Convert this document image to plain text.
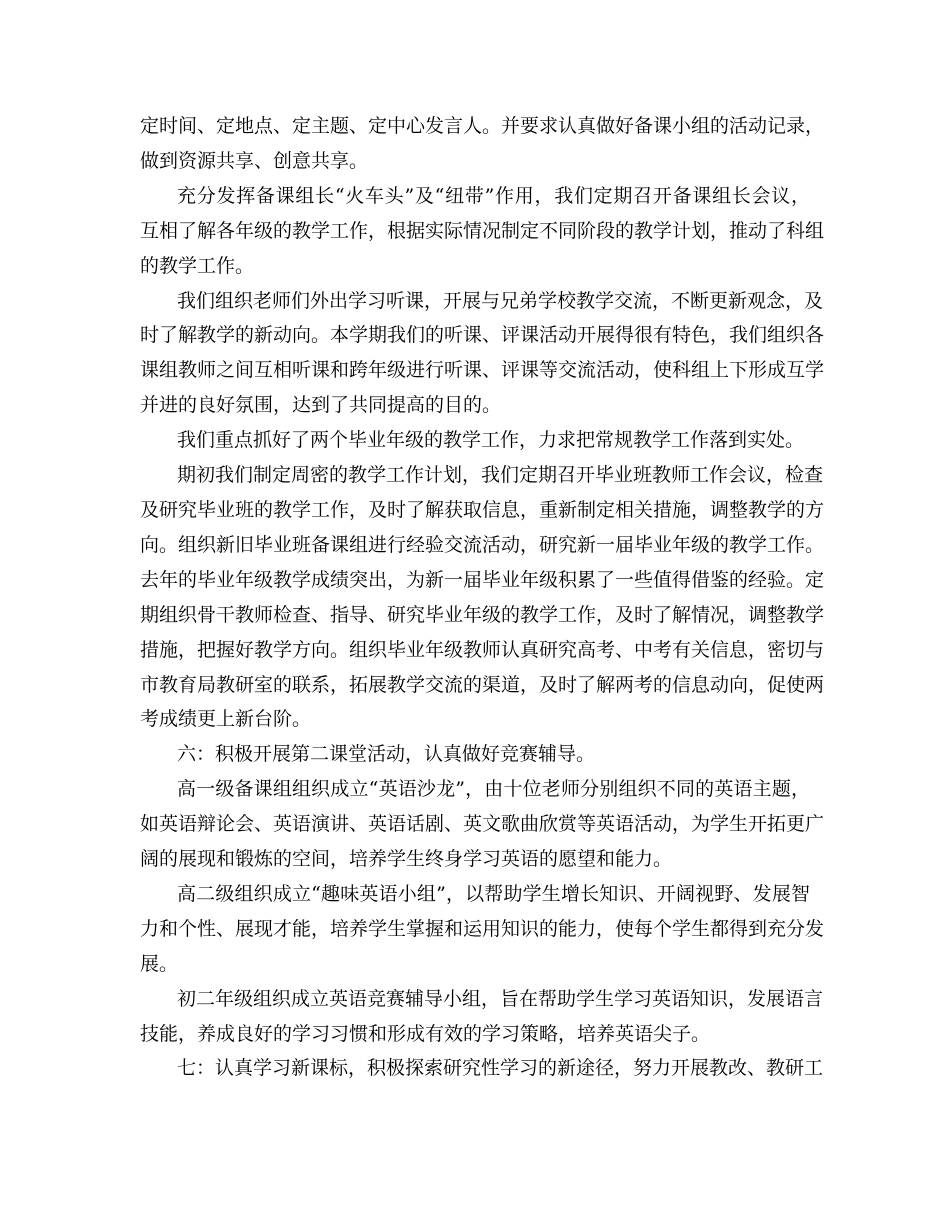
定时间、定地点、定主题、定中心发言人。并要求认真做好备课小组的活动记录，
做到资源共享、创意共享。
充分发挥备课组长“火车头”及“纽带”作用，我们定期召开备课组长会议，
互相了解各年级的教学工作，根据实际情况制定不同阶段的教学计划，推动了科组
的教学工作。
我们组织老师们外出学习听课，开展与兄弟学校教学交流，不断更新观念，及
时了解教学的新动向。本学期我们的听课、评课活动开展得很有特色，我们组织各
课组教师之间互相听课和跨年级进行听课、评课等交流活动，使科组上下形成互学
并进的良好氛围，达到了共同提高的目的。
我们重点抓好了两个毕业年级的教学工作，力求把常规教学工作落到实处。
期初我们制定周密的教学工作计划，我们定期召开毕业班教师工作会议，检查
及研究毕业班的教学工作，及时了解获取信息，重新制定相关措施，调整教学的方
向。组织新旧毕业班备课组进行经验交流活动，研究新一届毕业年级的教学工作。
去年的毕业年级教学成绩突出，为新一届毕业年级积累了一些值得借鉴的经验。定
期组织骨干教师检查、指导、研究毕业年级的教学工作，及时了解情况，调整教学
措施，把握好教学方向。组织毕业年级教师认真研究高考、中考有关信息，密切与
市教育局教研室的联系，拓展教学交流的渠道，及时了解两考的信息动向，促使两
考成绩更上新台阶。
六：积极开展第二课堂活动，认真做好竞赛辅导。
高一级备课组组织成立“英语沙龙”，由十位老师分别组织不同的英语主题，
如英语辩论会、英语演讲、英语话剧、英文歌曲欣赏等英语活动，为学生开拓更广
阔的展现和锻炼的空间，培养学生终身学习英语的愿望和能力。
高二级组织成立“趣味英语小组”，以帮助学生增长知识、开阔视野、发展智
力和个性、展现才能，培养学生掌握和运用知识的能力，使每个学生都得到充分发
展。
初二年级组织成立英语竞赛辅导小组，旨在帮助学生学习英语知识，发展语言
技能，养成良好的学习习惯和形成有效的学习策略，培养英语尖子。
七：认真学习新课标，积极探索研究性学习的新途径，努力开展教改、教研工
